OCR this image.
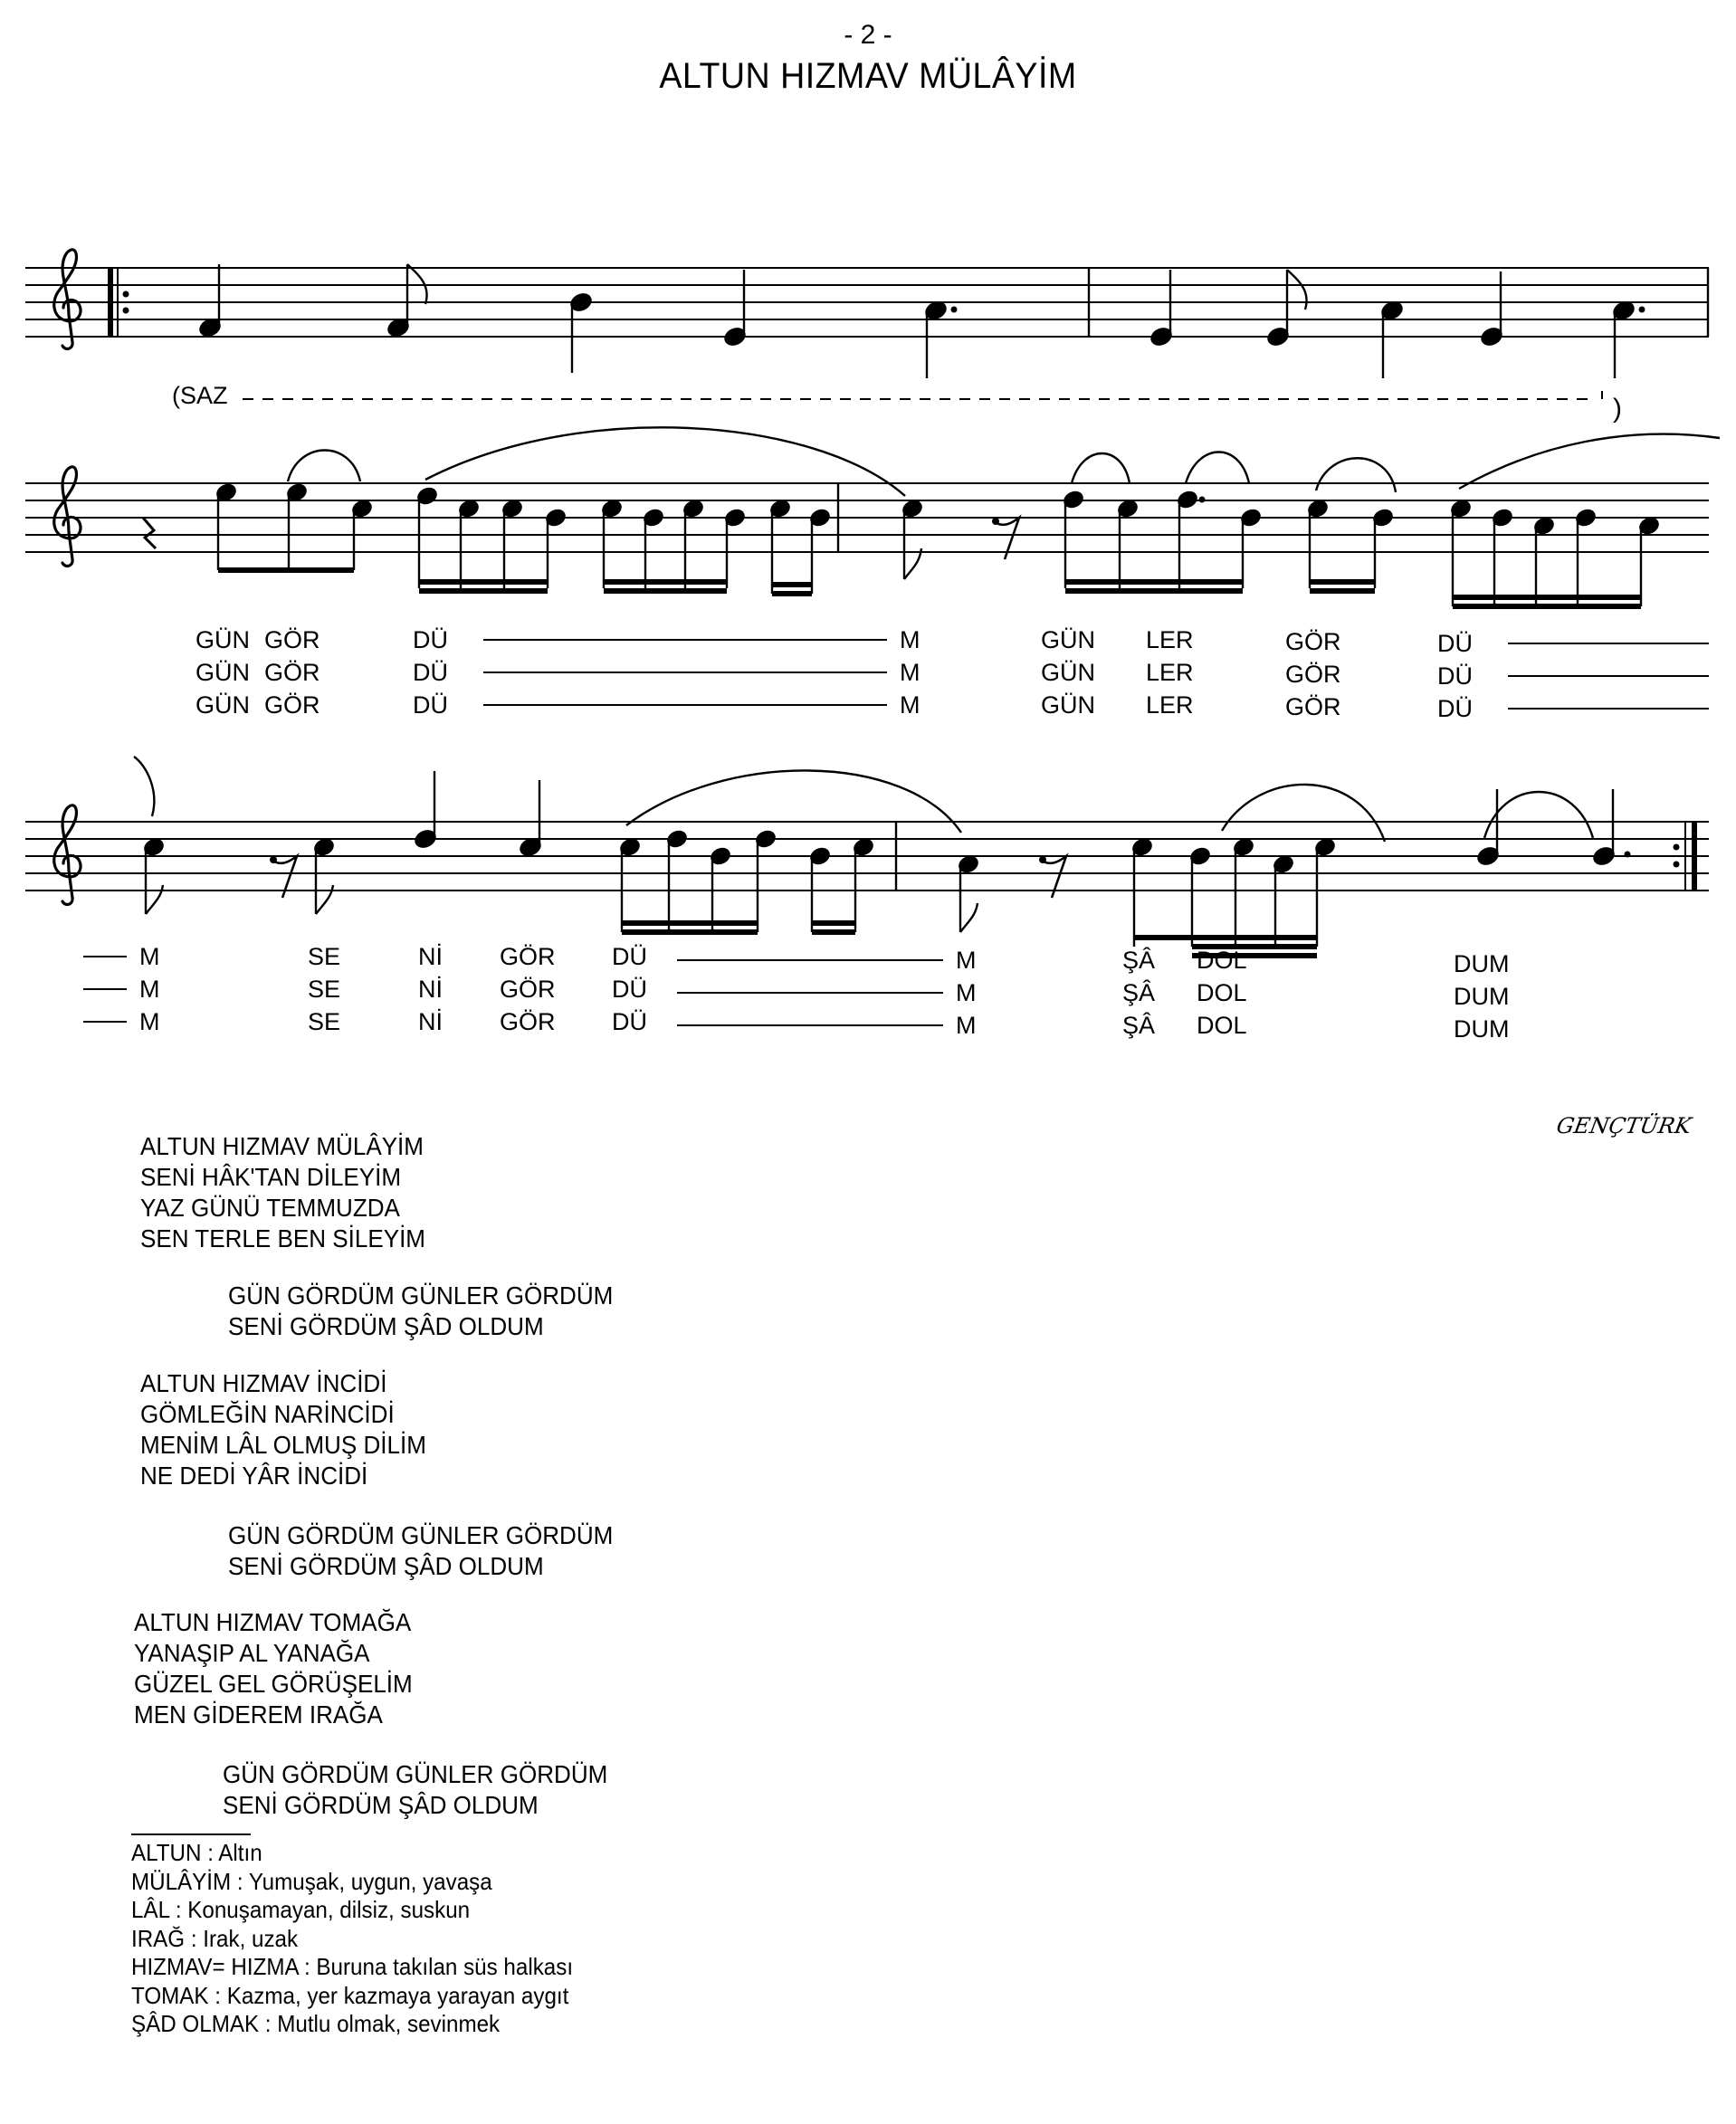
- 2 -
ALTUN HIZMAV MÜLÂYİM
(SAZ	)
GÜN GÖR	DÜ	M	GÜN LER	GÖR	DÜ
GÜN GÖR	DÜ	M	GÜN LER	GÖR	DÜ
GÜN GÖR	DÜ	M	GÜN LER	GÖR	DÜ
M	SE	Nİ GÖR DÜ	M	ŞÂ DOL	DUM
M	SE	Nİ GÖR DÜ	M	ŞÂ DOL	DUM
M	SE	Nİ GÖR DÜ	M	ŞÂ DOL	DUM
GENÇTÜRK
ALTUN HIZMAV MÜLÂYİM
SENİ HÂK'TAN DİLEYİM
YAZ GÜNÜ TEMMUZDA
SEN TERLE BEN SİLEYİM
GÜN GÖRDÜM GÜNLER GÖRDÜM
SENİ GÖRDÜM ŞÂD OLDUM
ALTUN HIZMAV İNCİDİ
GÖMLEĞİN NARİNCİDİ
MENİM LÂL OLMUŞ DİLİM
NE DEDİ YÂR İNCİDİ
GÜN GÖRDÜM GÜNLER GÖRDÜM
SENİ GÖRDÜM ŞÂD OLDUM
ALTUN HIZMAV TOMAĞA
YANAŞIP AL YANAĞA
GÜZEL GEL GÖRÜŞELİM
MEN GİDEREM IRAĞA
GÜN GÖRDÜM GÜNLER GÖRDÜM
SENİ GÖRDÜM ŞÂD OLDUM
ALTUN : Altın
MÜLÂYİM : Yumuşak, uygun, yavaşa
LÂL : Konuşamayan, dilsiz, suskun
IRAĞ : Irak, uzak
HIZMAV= HIZMA : Buruna takılan süs halkası
TOMAK : Kazma, yer kazmaya yarayan aygıt
ŞÂD OLMAK : Mutlu olmak, sevinmek
